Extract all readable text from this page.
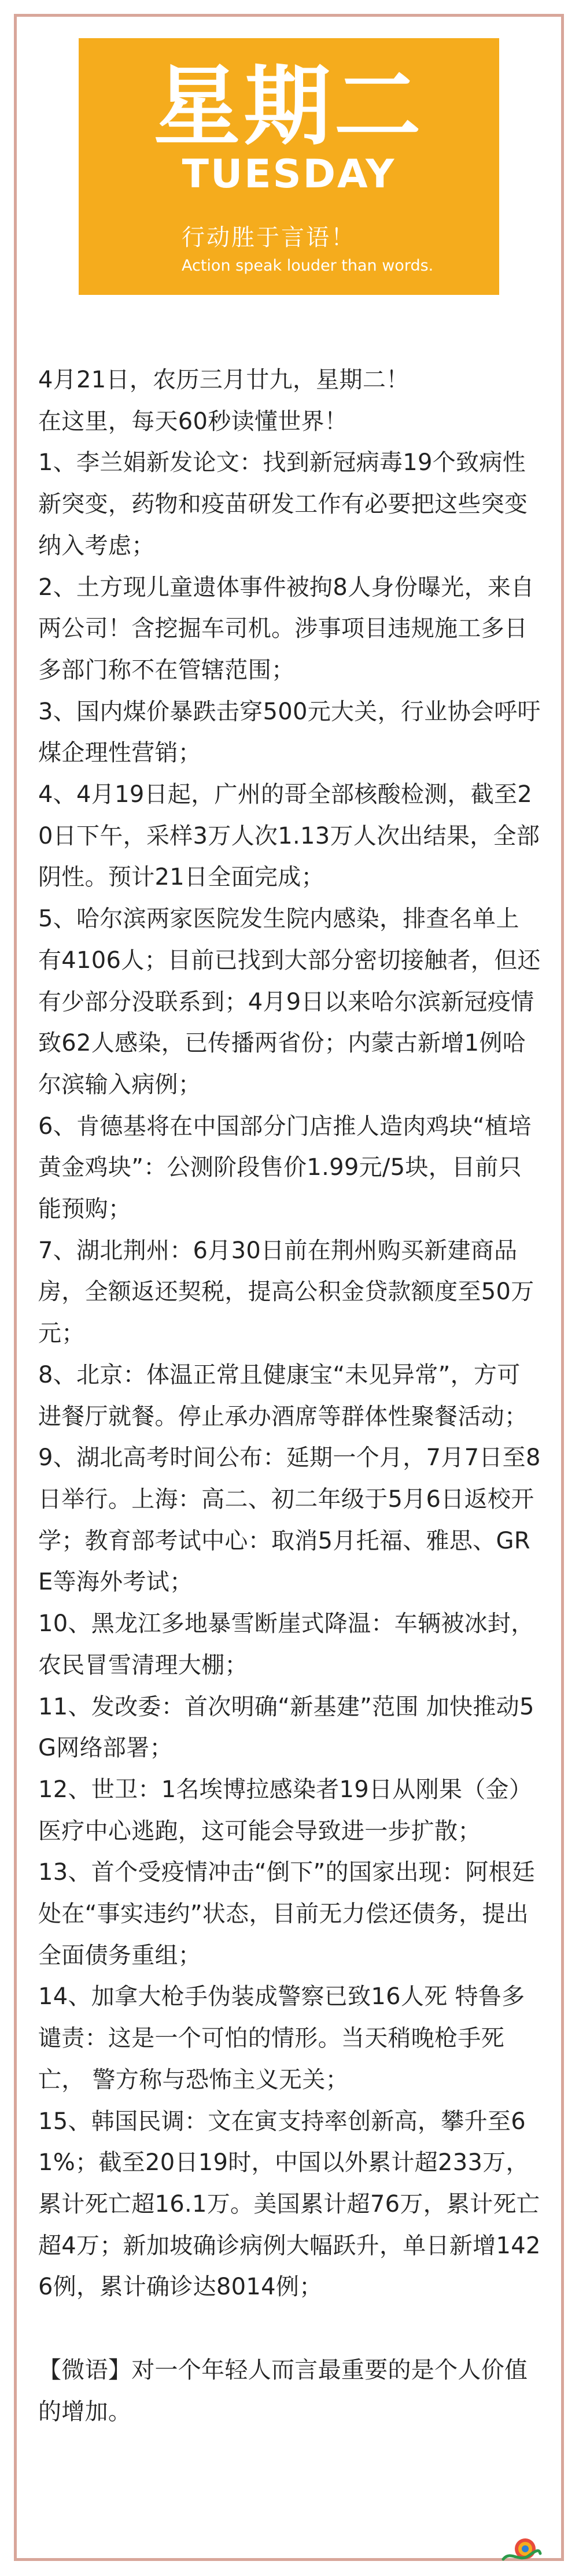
星期二
TUESDAY
行动胜于言语！
Action speak louder than words.

4月21日，农历三月廿九，星期二！

在这里，每天60秒读懂世界！

1、李兰娟新发论文：找到新冠病毒19个致病性新突变，药物和疫苗研发工作有必要把这些突变纳入考虑；

2、土方现儿童遗体事件被拘8人身份曝光，来自两公司！含挖掘车司机。涉事项目违规施工多日 多部门称不在管辖范围；

3、国内煤价暴跌击穿500元大关，行业协会呼吁煤企理性营销；

4、4月19日起，广州的哥全部核酸检测，截至20日下午，采样3万人次1.13万人次出结果，全部阴性。预计21日全面完成；

5、哈尔滨两家医院发生院内感染，排查名单上有4106人；目前已找到大部分密切接触者，但还有少部分没联系到；4月9日以来哈尔滨新冠疫情致62人感染，已传播两省份；内蒙古新增1例哈尔滨输入病例；

6、肯德基将在中国部分门店推人造肉鸡块“植培黄金鸡块”：公测阶段售价1.99元/5块，目前只能预购；

7、湖北荆州：6月30日前在荆州购买新建商品房，全额返还契税，提高公积金贷款额度至50万元；

8、北京：体温正常且健康宝“未见异常”，方可进餐厅就餐。停止承办酒席等群体性聚餐活动；

9、湖北高考时间公布：延期一个月，7月7日至8日举行。上海：高二、初二年级于5月6日返校开学；教育部考试中心：取消5月托福、雅思、GRE等海外考试；

10、黑龙江多地暴雪断崖式降温：车辆被冰封，农民冒雪清理大棚；

11、发改委：首次明确“新基建”范围 加快推动5G网络部署；

12、世卫：1名埃博拉感染者19日从刚果（金）医疗中心逃跑，这可能会导致进一步扩散；

13、首个受疫情冲击“倒下”的国家出现：阿根廷处在“事实违约”状态，目前无力偿还债务，提出全面债务重组；

14、加拿大枪手伪装成警察已致16人死 特鲁多谴责：这是一个可怕的情形。当天稍晚枪手死亡， 警方称与恐怖主义无关；

15、韩国民调：文在寅支持率创新高，攀升至61%；截至20日19时，中国以外累计超233万，累计死亡超16.1万。美国累计超76万，累计死亡超4万；新加坡确诊病例大幅跃升，单日新增1426例，累计确诊达8014例；

【微语】对一个年轻人而言最重要的是个人价值的增加。
